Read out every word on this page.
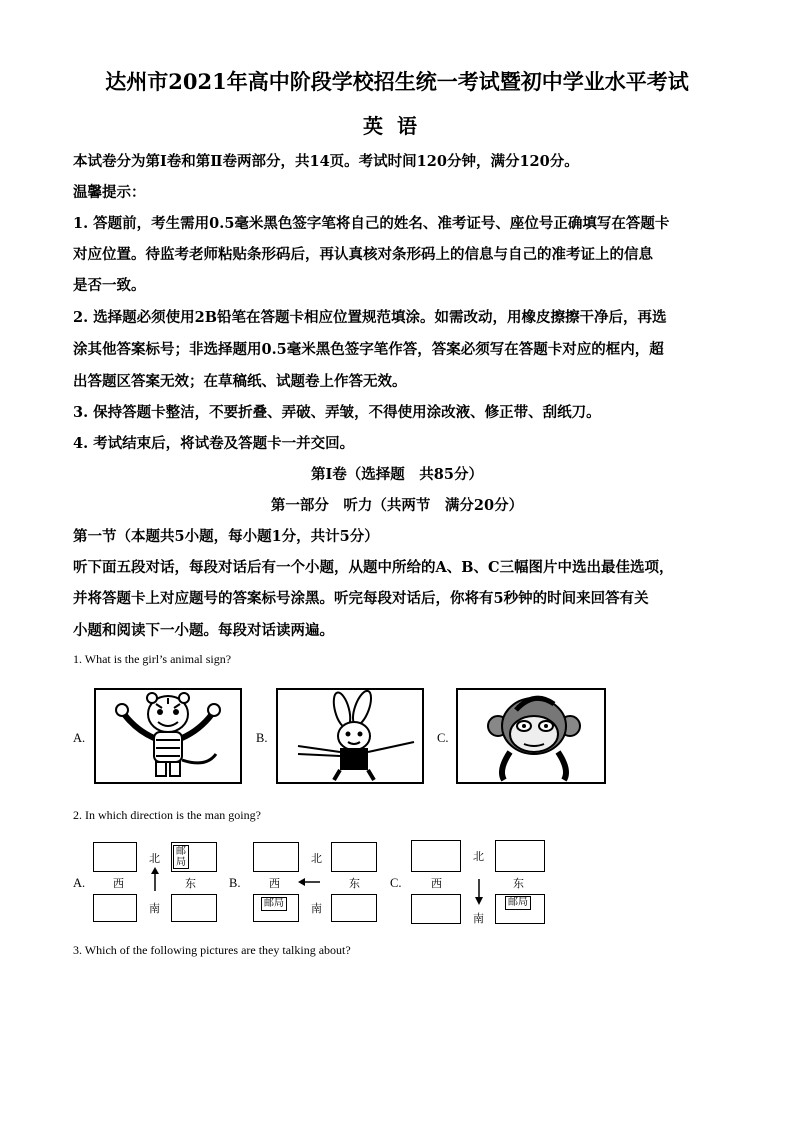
达州市2021年高中阶段学校招生统一考试暨初中学业水平考试
英语
本试卷分为第Ⅰ卷和第Ⅱ卷两部分，共14页。考试时间120分钟，满分120分。
温馨提示：
1. 答题前，考生需用0.5毫米黑色签字笔将自己的姓名、准考证号、座位号正确填写在答题卡
对应位置。待监考老师粘贴条形码后，再认真核对条形码上的信息与自己的准考证上的信息
是否一致。
2. 选择题必须使用2B铅笔在答题卡相应位置规范填涂。如需改动，用橡皮擦擦干净后，再选
涂其他答案标号；非选择题用0.5毫米黑色签字笔作答，答案必须写在答题卡对应的框内，超
出答题区答案无效；在草稿纸、试题卷上作答无效。
3. 保持答题卡整洁，不要折叠、弄破、弄皱，不得使用涂改液、修正带、刮纸刀。
4. 考试结束后，将试卷及答题卡一并交回。
第Ⅰ卷（选择题　共85分）
第一部分　听力（共两节　满分20分）
第一节（本题共5小题，每小题1分，共计5分）
听下面五段对话，每段对话后有一个小题，从题中所给的A、B、C三幅图片中选出最佳选项，
并将答题卡上对应题号的答案标号涂黑。听完每段对话后，你将有5秒钟的时间来回答有关
小题和阅读下一小题。每段对话读两遍。
1. What is the girl’s animal sign?
A.	B.	C.
2. In which direction is the man going?
A.
北
西	东
南
邮
局
B.
北
西	东
南
邮局
C.
北
西	东
南
邮局
3. Which of the following pictures are they talking about?
